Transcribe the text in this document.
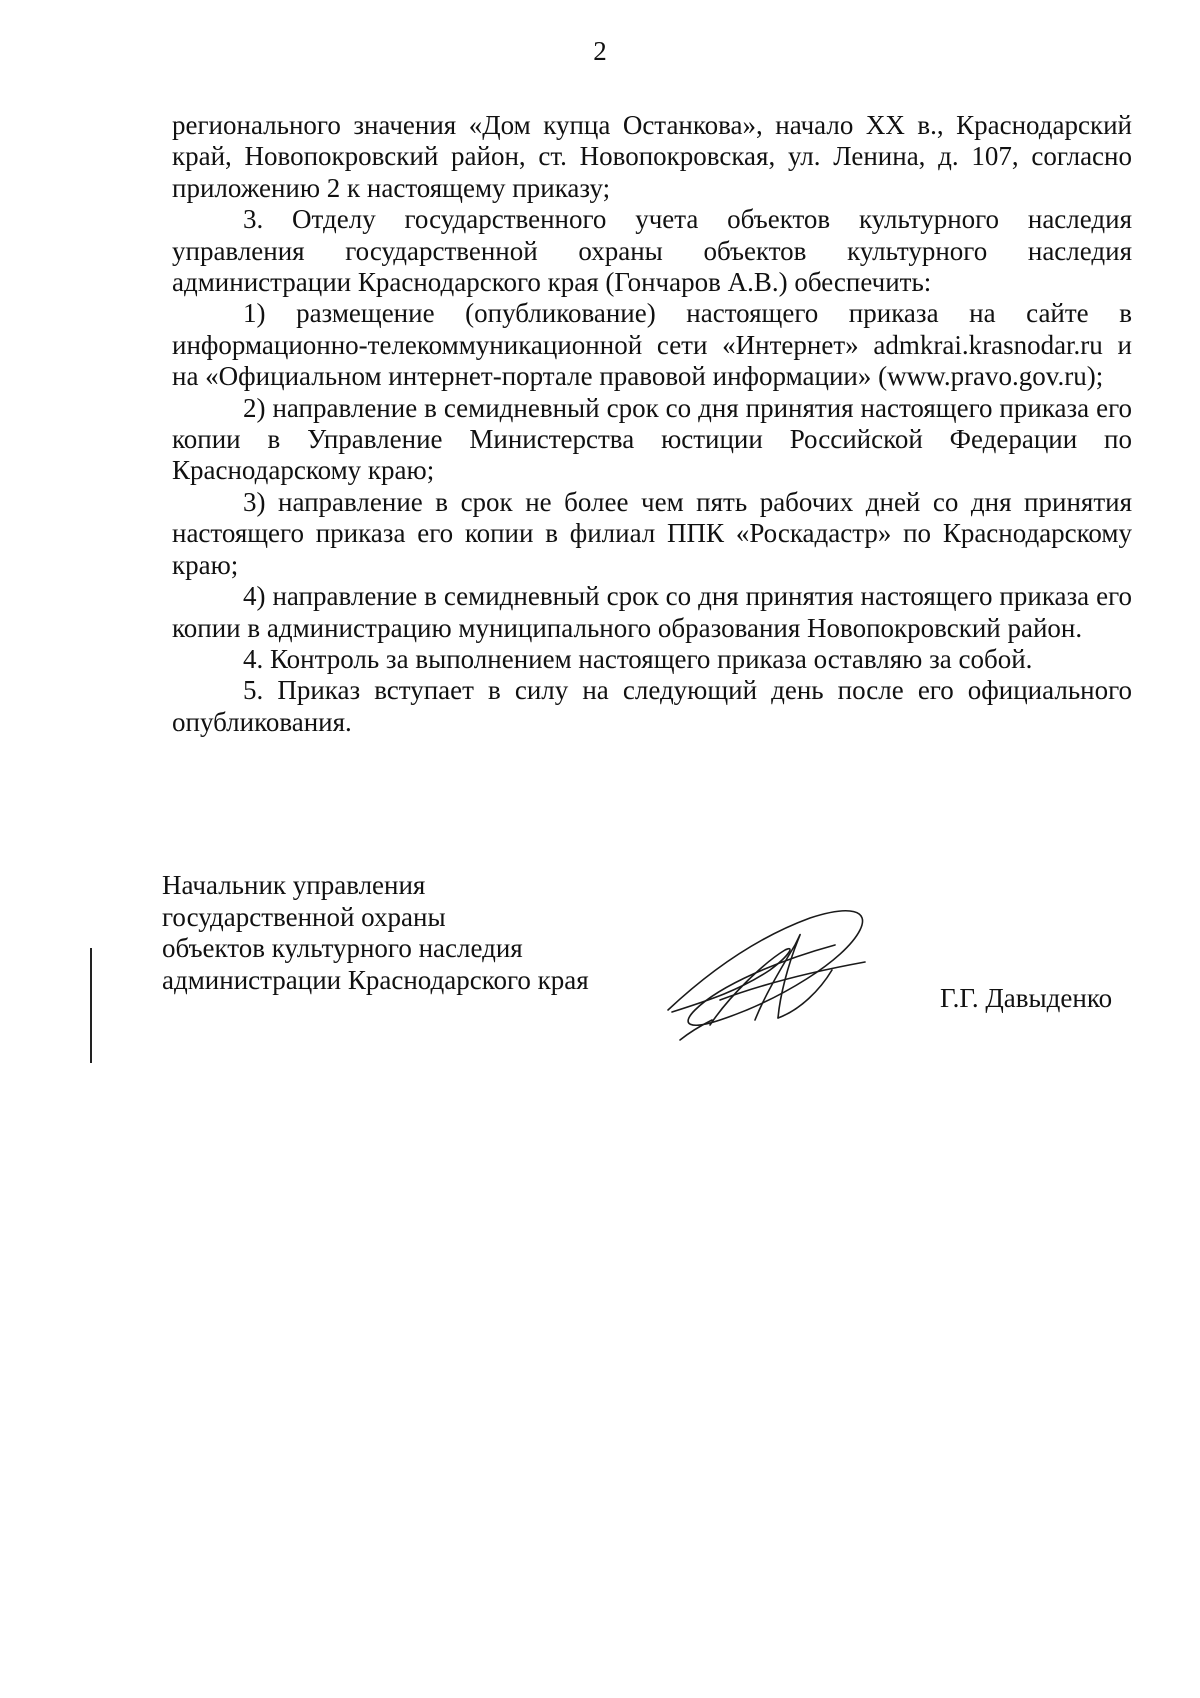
2

регионального значения «Дом купца Останкова», начало XX в., Краснодарский край, Новопокровский район, ст. Новопокровская, ул. Ленина, д. 107, согласно приложению 2 к настоящему приказу;

3. Отделу государственного учета объектов культурного наследия управления государственной охраны объектов культурного наследия администрации Краснодарского края (Гончаров А.В.) обеспечить:

1) размещение (опубликование) настоящего приказа на сайте в информационно-телекоммуникационной сети «Интернет» admkrai.krasnodar.ru и на «Официальном интернет-портале правовой информации» (www.pravo.gov.ru);

2) направление в семидневный срок со дня принятия настоящего приказа его копии в Управление Министерства юстиции Российской Федерации по Краснодарскому краю;

3) направление в срок не более чем пять рабочих дней со дня принятия настоящего приказа его копии в филиал ППК «Роскадастр» по Краснодарскому краю;

4) направление в семидневный срок со дня принятия настоящего приказа его копии в администрацию муниципального образования Новопокровский район.

4. Контроль за выполнением настоящего приказа оставляю за собой.

5. Приказ вступает в силу на следующий день после его официального опубликования.

Начальник управления
государственной охраны
объектов культурного наследия
администрации Краснодарского края
Г.Г. Давыденко
